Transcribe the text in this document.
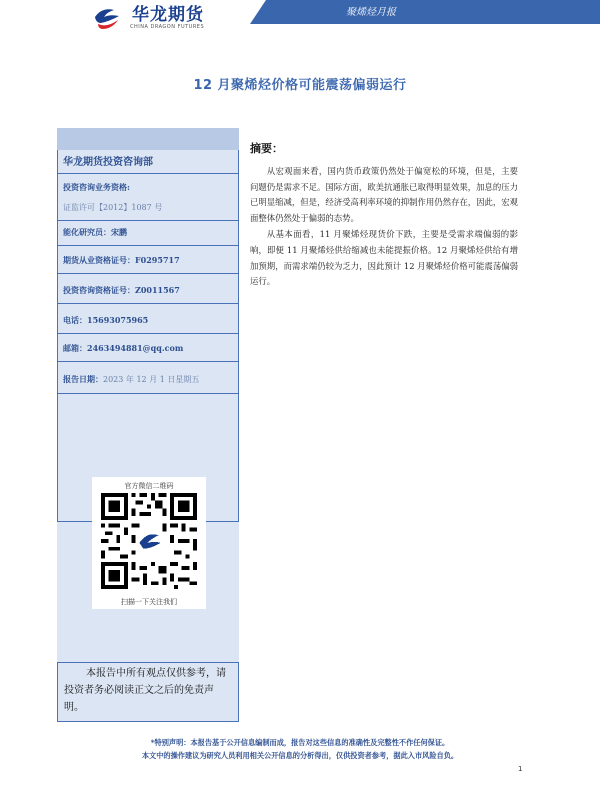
华龙期货
CHINA DRAGON FUTURES
聚烯烃月报
12 月聚烯烃价格可能震荡偏弱运行
华龙期货投资咨询部
投资咨询业务资格:
证监许可【2012】1087 号
能化研究员：宋鹏
期货从业资格证号：F0295717
投资咨询资格证号：Z0011567
电话：15693075965
邮箱：2463494881@qq.com
报告日期：2023 年 12 月 1 日星期五
本报告中所有观点仅供参考，请投资者务必阅读正文之后的免责声明。
官方微信二维码
扫描一下关注我们
摘要：

从宏观面来看，国内货币政策仍然处于偏宽松的环境，但是，主要问题仍是需求不足。国际方面，欧美抗通胀已取得明显效果，加息的压力已明显缩减，但是，经济受高利率环境的抑制作用仍然存在，因此，宏观面整体仍然处于偏弱的态势。

从基本面看，11 月聚烯烃现货价下跌，主要是受需求端偏弱的影响，即便 11 月聚烯烃供给缩减也未能提振价格。12 月聚烯烃供给有增加预期，而需求端仍较为乏力，因此预计 12 月聚烯烃价格可能震荡偏弱运行。

*特别声明：本报告基于公开信息编制而成，报告对这些信息的准确性及完整性不作任何保证。
本文中的操作建议为研究人员利用相关公开信息的分析得出，仅供投资者参考，据此入市风险自负。
1
